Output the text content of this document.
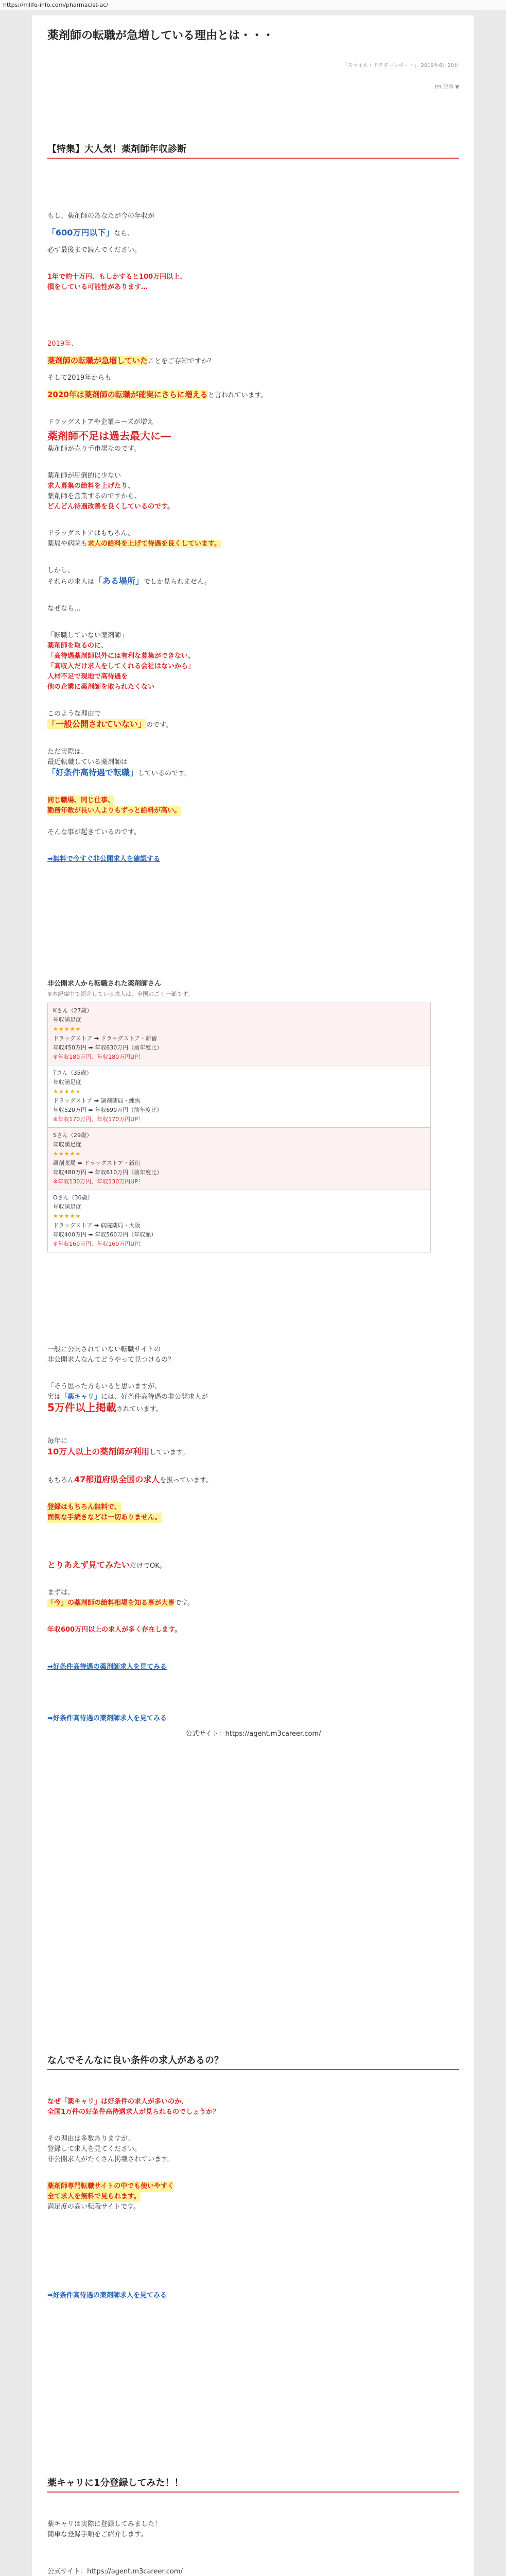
https://mlife-info.com/pharmacist-ac/
薬剤師の転職が急増している理由とは・・・
「スマイル・ドクターレポート」 2019年6月20日
PR 記事 ▼
【特集】大人気！薬剤師年収診断
もし、薬剤師のあなたが今の年収が
「600万円以下」なら、
必ず最後まで読んでください。
1年で約十万円、もしかすると100万円以上、
損をしている可能性があります…
2019年、
薬剤師の転職が急増していたことをご存知ですか？
そして2019年からも
2020年は薬剤師の転職が確実にさらに増えると言われています。
ドラッグストアや企業ニーズが増え
薬剤師不足は過去最大に―
薬剤師が売り手市場なのです。
薬剤師が圧倒的に少ない
求人募集の給料を上げたり、
薬剤師を営業するのですから、
どんどん待遇改善を良くしているのです。
ドラッグストアはもちろん、
薬局や病院も求人の給料を上げて待遇を良くしています。
しかし、
それらの求人は「ある場所」でしか見られません。
なぜなら…
「転職していない薬剤師」
薬剤師を取るのに、
「高待遇薬剤師以外には有利な募集ができない、
「高収入だけ求人をしてくれる会社はないから」
人材不足で現地で高待遇を
他の企業に薬剤師を取られたくない
このような理由で
「一般公開されていない」のです。
ただ実際は、
最近転職している薬剤師は
「好条件高待遇で転職」しているのです。
同じ職場、同じ仕事、
勤務年数が長い人よりもずっと給料が高い。
そんな事が起きているのです。
➡無料で今すぐ非公開求人を確認する
非公開求人から転職された薬剤師さん
※本記事中で紹介している求人は、全国のごく一部です。
Kさん（27歳）
年収満足度
★★★★★
ドラッグストア ➡ ドラッグストア・新宿
年収450万円 ➡ 年収630万円（前年度比）
※年収180万円、年収180万円UP！

Tさん（35歳）
年収満足度
★★★★★
ドラッグストア ➡ 調剤薬局・練馬
年収520万円 ➡ 年収690万円（前年度比）
※年収170万円、年収170万円UP！

Sさん（29歳）
年収満足度
★★★★★
調剤薬局 ➡ ドラッグストア・新宿
年収480万円 ➡ 年収610万円（前年度比）
※年収130万円、年収130万円UP！

Oさん（30歳）
年収満足度
★★★★★
ドラッグストア ➡ 病院薬局・大阪
年収400万円 ➡ 年収560万円（年収額）
※年収160万円、年収160万円UP！
一般に公開されていない転職サイトの
非公開求人なんてどうやって見つけるの？
「そう思った方もいると思いますが、
実は「薬キャリ」には、好条件高待遇の非公開求人が
5万件以上掲載されています。
毎年に
10万人以上の薬剤師が利用しています。
もちろん47都道府県全国の求人を扱っています。
登録はもちろん無料で、
面倒な手続きなどは一切ありません。
とりあえず見てみたいだけでOK。
まずは、
「今」の薬剤師の給料相場を知る事が大事です。
年収600万円以上の求人が多く存在します。
➡好条件高待遇の薬剤師求人を見てみる
➡好条件高待遇の薬剤師求人を見てみる
公式サイト：https://agent.m3career.com/
なんでそんなに良い条件の求人があるの？
なぜ「薬キャリ」は好条件の求人が多いのか、
全国1万件の好条件高待遇求人が見られるのでしょうか？
その理由は多数ありますが、
登録して求人を見てください。
非公開求人がたくさん掲載されています。
薬剤師専門転職サイトの中でも使いやすく
全て求人を無料で見られます。
満足度の高い転職サイトです。
➡好条件高待遇の薬剤師求人を見てみる
薬キャリに1分登録してみた！！
薬キャリは実際に登録してみました！
簡単な登録手順をご紹介します。
公式サイト：https://agent.m3career.com/
